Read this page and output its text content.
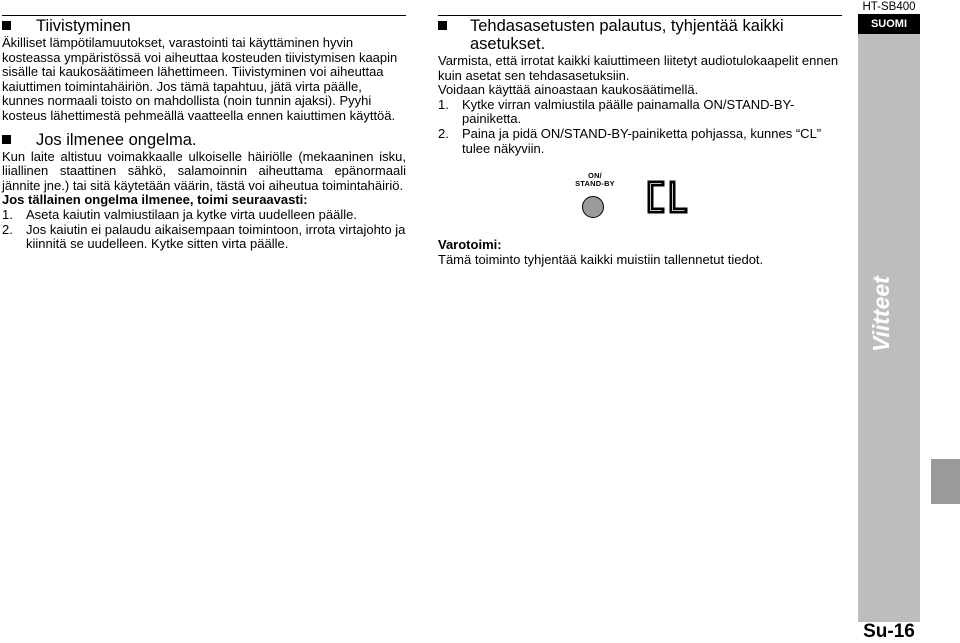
Tiivistyminen

Äkilliset lämpötilamuutokset, varastointi tai käyttäminen hyvin kosteassa ympäristössä voi aiheuttaa kosteuden tiivistymisen kaapin sisälle tai kaukosäätimeen lähettimeen. Tiivistyminen voi aiheuttaa kaiuttimen toimintahäiriön. Jos tämä tapahtuu, jätä virta päälle, kunnes normaali toisto on mahdollista (noin tunnin ajaksi). Pyyhi kosteus lähettimestä pehmeällä vaatteella ennen kaiuttimen käyttöä.

Jos ilmenee ongelma.

Kun laite altistuu voimakkaalle ulkoiselle häiriölle (mekaaninen isku, liiallinen staattinen sähkö, salamoinnin aiheuttama epänormaali jännite jne.) tai sitä käytetään väärin, tästä voi aiheutua toimintahäiriö.

Jos tällainen ongelma ilmenee, toimi seuraavasti:

1. Aseta kaiutin valmiustilaan ja kytke virta uudelleen päälle.
2. Jos kaiutin ei palaudu aikaisempaan toimintoon, irrota virtajohto ja kiinnitä se uudelleen. Kytke sitten virta päälle.
Tehdasasetusten palautus, tyhjentää kaikki asetukset.

Varmista, että irrotat kaikki kaiuttimeen liitetyt audiotulokaapelit ennen kuin asetat sen tehdasasetuksiin.

Voidaan käyttää ainoastaan kaukosäätimellä.

1. Kytke virran valmiustila päälle painamalla ON/STAND-BY-painiketta.
2. Paina ja pidä ON/STAND-BY-painiketta pohjassa, kunnes “CL” tulee näkyviin.
ON/
STAND-BY

Varotoimi:

Tämä toiminto tyhjentää kaikki muistiin tallennetut tiedot.

HT-SB400
SUOMI
Viitteet
Su-16
